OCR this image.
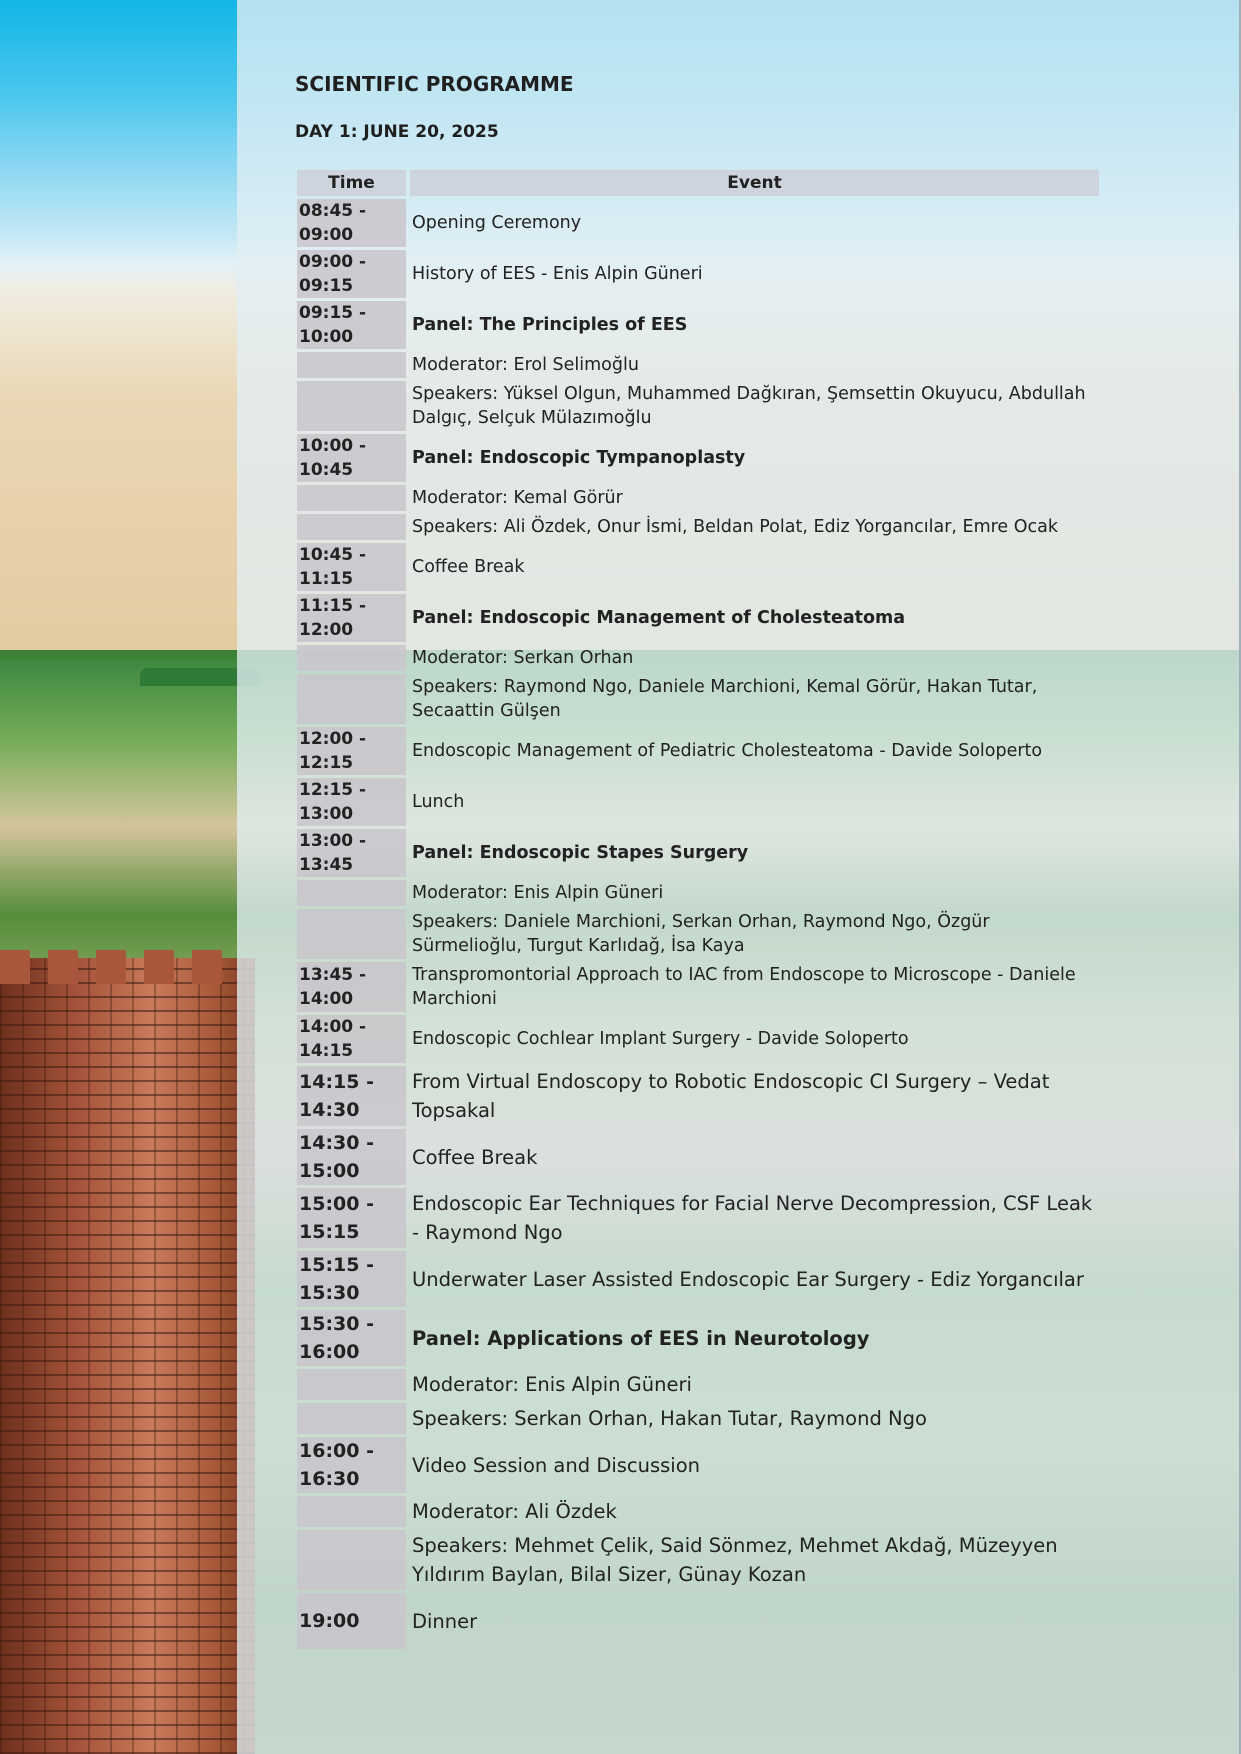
SCIENTIFIC PROGRAMME
DAY 1: JUNE 20, 2025
Time		Event
08:45 - 09:00		Opening Ceremony
09:00 - 09:15		History of EES - Enis Alpin Güneri
09:15 - 10:00		Panel: The Principles of EES
		Moderator: Erol Selimoğlu
		Speakers: Yüksel Olgun, Muhammed Dağkıran, Şemsettin Okuyucu, Abdullah Dalgıç, Selçuk Mülazımoğlu
10:00 - 10:45		Panel: Endoscopic Tympanoplasty
		Moderator: Kemal Görür
		Speakers: Ali Özdek, Onur İsmi, Beldan Polat, Ediz Yorgancılar, Emre Ocak
10:45 - 11:15		Coffee Break
11:15 - 12:00		Panel: Endoscopic Management of Cholesteatoma
		Moderator: Serkan Orhan
		Speakers: Raymond Ngo, Daniele Marchioni, Kemal Görür, Hakan Tutar, Secaattin Gülşen
12:00 - 12:15		Endoscopic Management of Pediatric Cholesteatoma - Davide Soloperto
12:15 - 13:00		Lunch
13:00 - 13:45		Panel: Endoscopic Stapes Surgery
		Moderator: Enis Alpin Güneri
		Speakers: Daniele Marchioni, Serkan Orhan, Raymond Ngo, Özgür Sürmelioğlu, Turgut Karlıdağ, İsa Kaya
13:45 - 14:00		Transpromontorial Approach to IAC from Endoscope to Microscope - Daniele Marchioni
14:00 - 14:15		Endoscopic Cochlear Implant Surgery - Davide Soloperto
14:15 - 14:30		From Virtual Endoscopy to Robotic Endoscopic CI Surgery – Vedat Topsakal
14:30 - 15:00		Coffee Break
15:00 - 15:15		Endoscopic Ear Techniques for Facial Nerve Decompression, CSF Leak - Raymond Ngo
15:15 - 15:30		Underwater Laser Assisted Endoscopic Ear Surgery - Ediz Yorgancılar
15:30 - 16:00		Panel: Applications of EES in Neurotology
		Moderator: Enis Alpin Güneri
		Speakers: Serkan Orhan, Hakan Tutar, Raymond Ngo
16:00 - 16:30		Video Session and Discussion
		Moderator: Ali Özdek
		Speakers: Mehmet Çelik, Said Sönmez, Mehmet Akdağ, Müzeyyen Yıldırım Baylan, Bilal Sizer, Günay Kozan
19:00		Dinner
